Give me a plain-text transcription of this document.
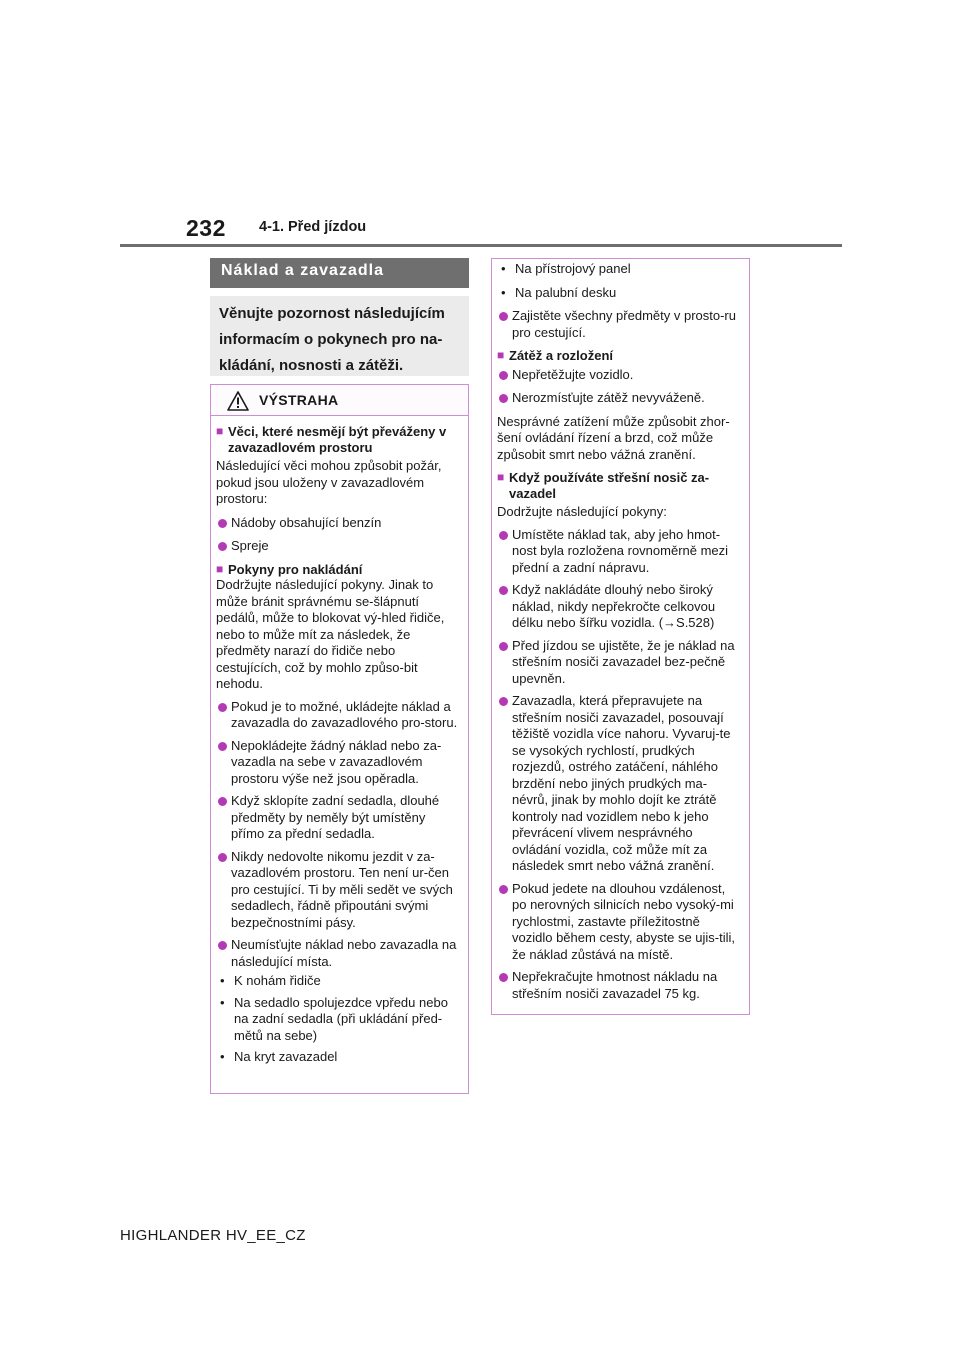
232 4-1. Před jízdou
Náklad a zavazadla
Věnujte pozornost následujícím informacím o pokynech pro na-kládání, nosnosti a zátěži.
VÝSTRAHA
■ Věci, které nesmějí být převáženy v zavazadlovém prostoru
Následující věci mohou způsobit požár, pokud jsou uloženy v zavazadlovém prostoru:
Nádoby obsahující benzín
Spreje
■ Pokyny pro nakládání
Dodržujte následující pokyny. Jinak to může bránit správnému se-šlápnutí pedálů, může to blokovat vý-hled řidiče, nebo to může mít za následek, že předměty narazí do řidiče nebo cestujících, což by mohlo způso-bit nehodu.
Pokud je to možné, ukládejte náklad a zavazadla do zavazadlového pro-storu.
Nepokládejte žádný náklad nebo za-vazadla na sebe v zavazadlovém prostoru výše než jsou opěradla.
Když sklopíte zadní sedadla, dlouhé předměty by neměly být umístěny přímo za přední sedadla.
Nikdy nedovolte nikomu jezdit v za-vazadlovém prostoru. Ten není ur-čen pro cestující. Ti by měli sedět ve svých sedadlech, řádně připoutáni svými bezpečnostními pásy.
Neumísťujte náklad nebo zavazadla na následující místa.
• K nohám řidiče
• Na sedadlo spolujezdce vpředu nebo na zadní sedadla (při ukládání před-mětů na sebe)
• Na kryt zavazadel
• Na přístrojový panel
• Na palubní desku
Zajistěte všechny předměty v prosto-ru pro cestující.
■ Zátěž a rozložení
Nepřetěžujte vozidlo.
Nerozmísťujte zátěž nevyváženě.
Nesprávné zatížení může způsobit zhor-šení ovládání řízení a brzd, což může způsobit smrt nebo vážná zranění.
■ Když používáte střešní nosič za-vazadel
Dodržujte následující pokyny:
Umístěte náklad tak, aby jeho hmot-nost byla rozložena rovnoměrně mezi přední a zadní nápravu.
Když nakládáte dlouhý nebo široký náklad, nikdy nepřekročte celkovou délku nebo šířku vozidla. (→S.528)
Před jízdou se ujistěte, že je náklad na střešním nosiči zavazadel bez-pečně upevněn.
Zavazadla, která přepravujete na střešním nosiči zavazadel, posouvají těžiště vozidla více nahoru. Vyvaruj-te se vysokých rychlostí, prudkých rozjezdů, ostrého zatáčení, náhlého brzdění nebo jiných prudkých ma-névrů, jinak by mohlo dojít ke ztrátě kontroly nad vozidlem nebo k jeho převrácení vlivem nesprávného ovládání vozidla, což může mít za následek smrt nebo vážná zranění.
Pokud jedete na dlouhou vzdálenost, po nerovných silnicích nebo vysoký-mi rychlostmi, zastavte příležitostně vozidlo během cesty, abyste se ujis-tili, že náklad zůstává na místě.
Nepřekračujte hmotnost nákladu na střešním nosiči zavazadel 75 kg.
HIGHLANDER HV_EE_CZ
